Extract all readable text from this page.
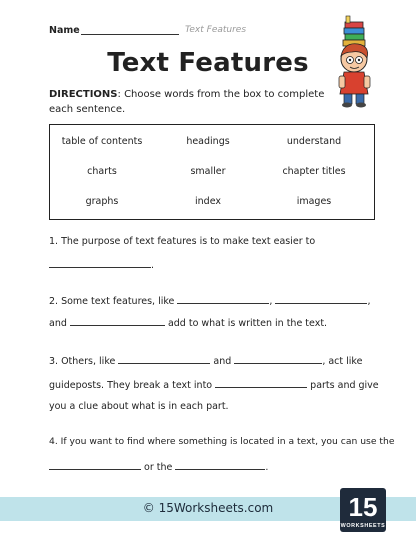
Name	Text Features
Text Features
DIRECTIONS: Choose words from the box to complete each sentence.
table of contents	headings	understand
charts	smaller	chapter titles
graphs	index	images
1. The purpose of text features is to make text easier to
.
2. Some text features, like	,	,
and	add to what is written in the text.
3. Others, like	and	, act like
guideposts. They break a text into	parts and give
you a clue about what is in each part.
4. If you want to find where something is located in a text, you can use the
or the	.
© 15Worksheets.com	15
WORKSHEETS
